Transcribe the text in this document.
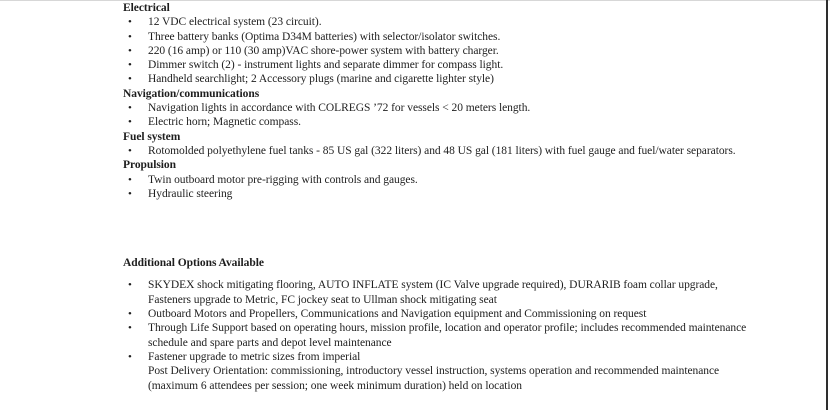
Electrical
• 12 VDC electrical system (23 circuit).
• Three battery banks (Optima D34M batteries) with selector/isolator switches.
• 220 (16 amp) or 110 (30 amp)VAC shore-power system with battery charger.
• Dimmer switch (2) - instrument lights and separate dimmer for compass light.
• Handheld searchlight; 2 Accessory plugs (marine and cigarette lighter style)
Navigation/communications
• Navigation lights in accordance with COLREGS ’72 for vessels < 20 meters length.
• Electric horn; Magnetic compass.
Fuel system
• Rotomolded polyethylene fuel tanks - 85 US gal (322 liters) and 48 US gal (181 liters) with fuel gauge and fuel/water separators.
Propulsion
• Twin outboard motor pre-rigging with controls and gauges.
• Hydraulic steering
Additional Options Available
• SKYDEX shock mitigating flooring, AUTO INFLATE system (IC Valve upgrade required), DURARIB foam collar upgrade,
Fasteners upgrade to Metric, FC jockey seat to Ullman shock mitigating seat
• Outboard Motors and Propellers, Communications and Navigation equipment and Commissioning on request
• Through Life Support based on operating hours, mission profile, location and operator profile; includes recommended maintenance
schedule and spare parts and depot level maintenance
• Fastener upgrade to metric sizes from imperial
Post Delivery Orientation: commissioning, introductory vessel instruction, systems operation and recommended maintenance
(maximum 6 attendees per session; one week minimum duration) held on location
